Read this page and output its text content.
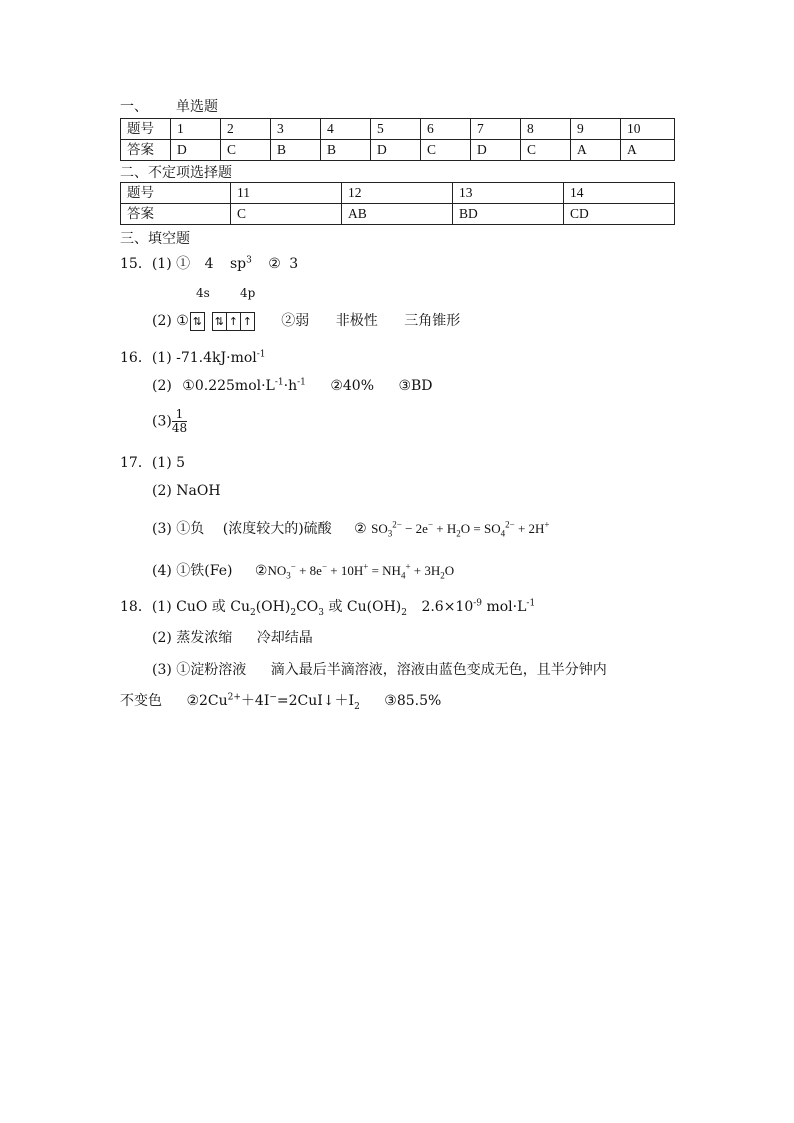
一、 单选题
题号	1	2	3	4	5	6	7	8	9	10
答案	D	C	B	B	D	C	D	C	A	A
二、不定项选择题
题号	11	12	13	14
答案	C	AB	BD	CD
三、填空题
15．(1) ① 4 $sp^3$ ② 3
4s	4p
(2) ① ⇅ ⇅ ↑ ↑ ②弱 非极性 三角锥形
16．(1) -71.4kJ·mol$^{-1}$
(2) $①0.225mol\cdot L^{-1}\cdot h^{-1}$ ②40% ③BD
$(3) \frac{1}{48}$
17．(1) 5
(2) NaOH
(3) ①负 (浓度较大的)硫酸 ② $SO_3^{2-} - 2e^- + H_2O = SO_4^{2-} + 2H^+$
(4) ①铁(Fe) $②NO_3^- + 8e^- + 10H^+ = NH_4^+ + 3H_2O$
18．(1) CuO 或 $Cu_2(OH)_2CO_3$ 或 $Cu(OH)_2$ $2.6\times 10^{-9}$ $mol\cdot L^{-1}$
(2) 蒸发浓缩 冷却结晶
(3) ①淀粉溶液 滴入最后半滴溶液，溶液由蓝色变成无色，且半分钟内
不变色 $②2Cu^{2+}+4I^-=2CuI↓+I_2$ ③85.5%
